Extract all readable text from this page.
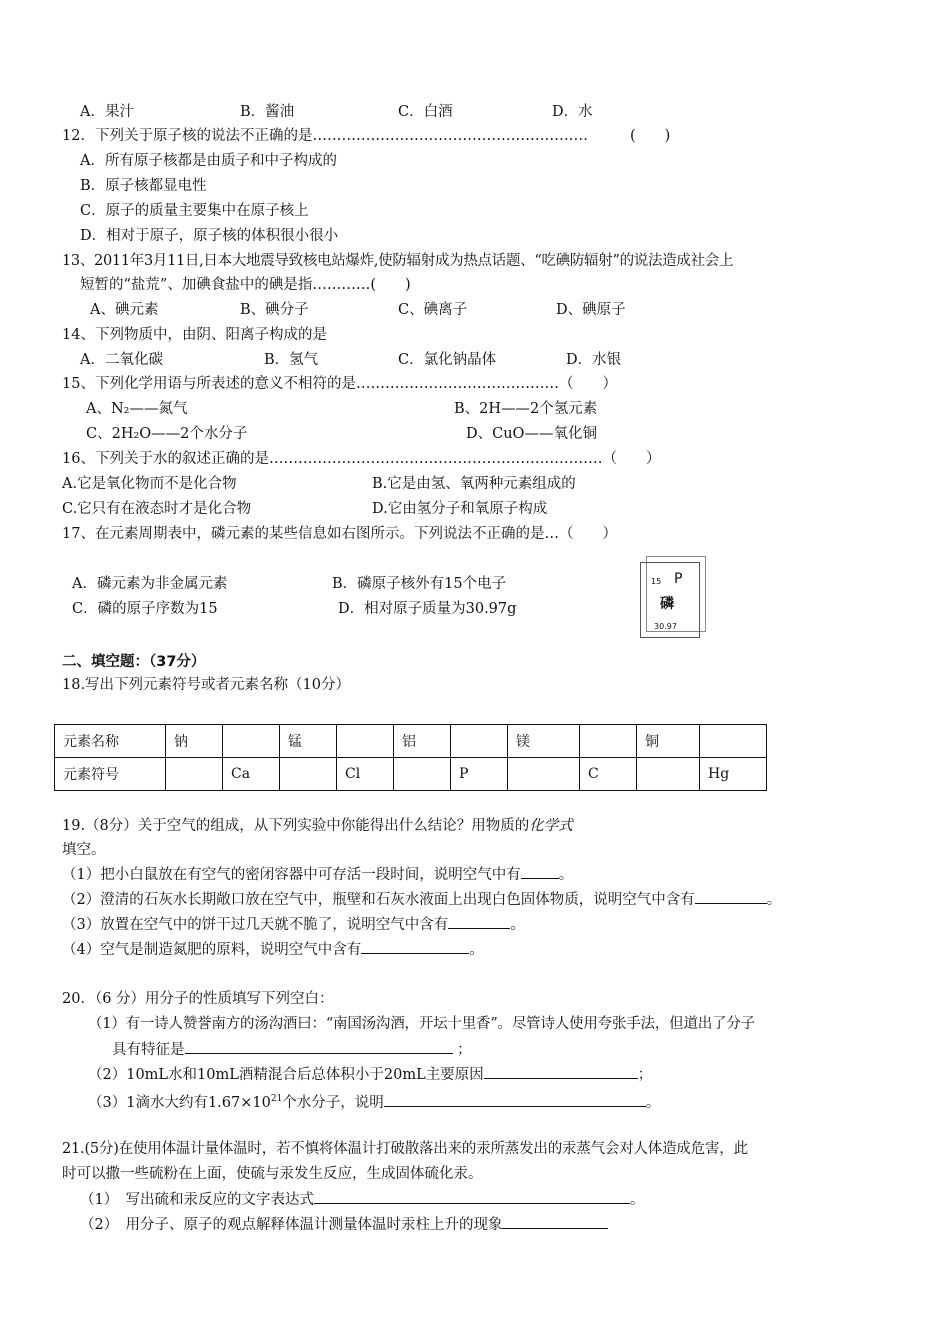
A．果汁	B．酱油	C．白酒	D．水
12．下列关于原子核的说法不正确的是…………………………………………………	(　　)
A．所有原子核都是由质子和中子构成的
B．原子核都显电性
C．原子的质量主要集中在原子核上
D．相对于原子，原子核的体积很小很小
13、2011年3月11日,日本大地震导致核电站爆炸,使防辐射成为热点话题、“吃碘防辐射”的说法造成社会上
短暂的“盐荒”、加碘食盐中的碘是指…………(　　)
A、碘元素	B、碘分子	C、碘离子	D、碘原子
14、下列物质中，由阴、阳离子构成的是
A．二氧化碳	B．氢气	C．氯化钠晶体	D．水银
15、下列化学用语与所表述的意义不相符的是……………………………………（　　）
A、N₂——氮气	B、2H——2个氢元素
C、2H₂O——2个水分子	D、CuO——氧化铜
16、下列关于水的叙述正确的是……………………………………………………………（　　）
A.它是氧化物而不是化合物	B.它是由氢、氧两种元素组成的
C.它只有在液态时才是化合物	D.它由氢分子和氧原子构成
17、在元素周期表中，磷元素的某些信息如右图所示。下列说法不正确的是…（　　）
A．磷元素为非金属元素	B．磷原子核外有15个电子
C．磷的原子序数为15	D．相对原子质量为30.97g
15 P
磷
30.97
二、填空题：（37分）
18.写出下列元素符号或者元素名称（10分）
元素名称	钠		锰		铝		镁		铜	
元素符号		Ca		Cl		P		C		Hg
19.（8分）关于空气的组成，从下列实验中你能得出什么结论？用物质的化学式
填空。
（1）把小白鼠放在有空气的密闭容器中可存活一段时间，说明空气中有	。
（2）澄清的石灰水长期敞口放在空气中，瓶壁和石灰水液面上出现白色固体物质，说明空气中含有	。
（3）放置在空气中的饼干过几天就不脆了，说明空气中含有	。
（4）空气是制造氮肥的原料，说明空气中含有	。
20．（6 分）用分子的性质填写下列空白：
（1）有一诗人赞誉南方的汤沟酒曰：“南国汤沟酒，开坛十里香”。尽管诗人使用夸张手法，但道出了分子
具有特征是	；
（2）10mL水和10mL酒精混合后总体积小于20mL主要原因	；
（3）1滴水大约有$1.67\times 10^{21}$个水分子，说明	。
21.(5分)在使用体温计量体温时，若不慎将体温计打破散落出来的汞所蒸发出的汞蒸气会对人体造成危害，此
时可以撒一些硫粉在上面，使硫与汞发生反应，生成固体硫化汞。
（1）　写出硫和汞反应的文字表达式	。
（2）　用分子、原子的观点解释体温计测量体温时汞柱上升的现象
